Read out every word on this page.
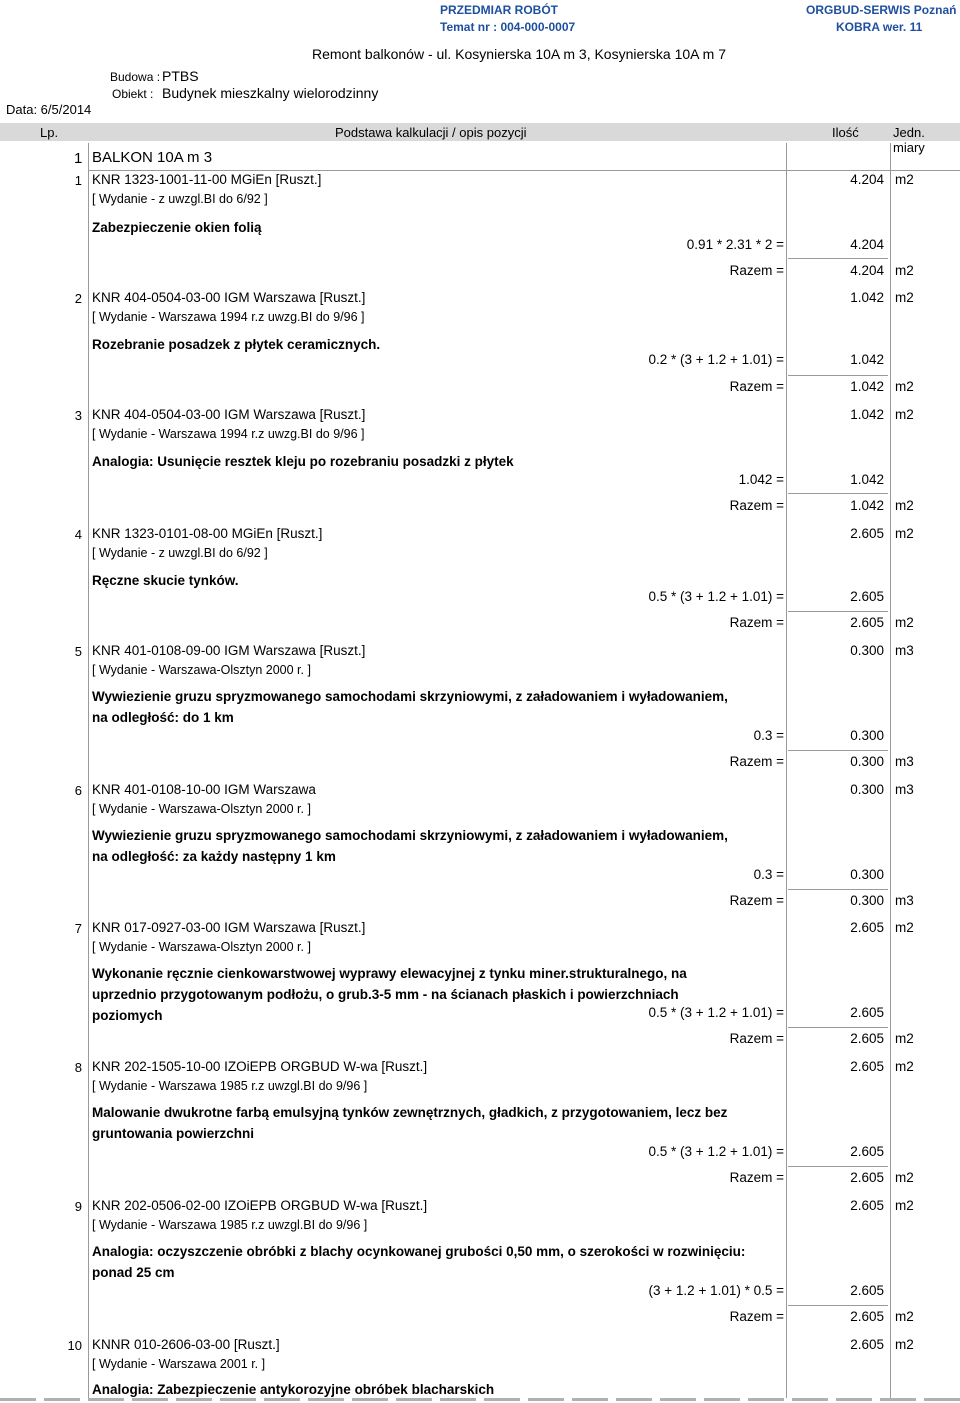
PRZEDMIAR ROBÓT
Temat nr : 004-000-0007
ORGBUD-SERWIS Poznań
KOBRA wer. 11
Remont balkonów - ul. Kosynierska 10A m 3, Kosynierska 10A m 7
Budowa : PTBS
Obiekt : Budynek mieszkalny wielorodzinny
Data: 6/5/2014
Lp.	Podstawa kalkulacji / opis pozycji	Ilość	Jedn. miary
1 BALKON 10A m 3
1 KNR 1323-1001-11-00 MGiEn [Ruszt.]
[ Wydanie - z uwzgl.BI do 6/92 ]
4.204 m2
Zabezpieczenie okien folią
0.91 * 2.31 * 2 =	4.204
Razem =	4.204 m2
2 KNR 404-0504-03-00 IGM Warszawa [Ruszt.]
[ Wydanie - Warszawa 1994 r.z uwzg.BI do 9/96 ]
1.042 m2
Rozebranie posadzek z płytek ceramicznych.
0.2 * (3 + 1.2 + 1.01) =	1.042
Razem =	1.042 m2
3 KNR 404-0504-03-00 IGM Warszawa [Ruszt.]
[ Wydanie - Warszawa 1994 r.z uwzg.BI do 9/96 ]
1.042 m2
Analogia: Usunięcie resztek kleju po rozebraniu posadzki z płytek
1.042 =	1.042
Razem =	1.042 m2
4 KNR 1323-0101-08-00 MGiEn [Ruszt.]
[ Wydanie - z uwzgl.BI do 6/92 ]
2.605 m2
Ręczne skucie tynków.
0.5 * (3 + 1.2 + 1.01) =	2.605
Razem =	2.605 m2
5 KNR 401-0108-09-00 IGM Warszawa [Ruszt.]
[ Wydanie - Warszawa-Olsztyn 2000 r. ]
0.300 m3
Wywiezienie gruzu spryzmowanego samochodami skrzyniowymi, z załadowaniem i wyładowaniem, na odległość: do 1 km
0.3 =	0.300
Razem =	0.300 m3
6 KNR 401-0108-10-00 IGM Warszawa
[ Wydanie - Warszawa-Olsztyn 2000 r. ]
0.300 m3
Wywiezienie gruzu spryzmowanego samochodami skrzyniowymi, z załadowaniem i wyładowaniem, na odległość: za każdy następny 1 km
0.3 =	0.300
Razem =	0.300 m3
7 KNR 017-0927-03-00 IGM Warszawa [Ruszt.]
[ Wydanie - Warszawa-Olsztyn 2000 r. ]
2.605 m2
Wykonanie ręcznie cienkowarstwowej wyprawy elewacyjnej z tynku miner.strukturalnego, na uprzednio przygotowanym podłożu, o grub.3-5 mm - na ścianach płaskich i powierzchniach poziomych	0.5 * (3 + 1.2 + 1.01) =	2.605
Razem =	2.605 m2
8 KNR 202-1505-10-00 IZOiEPB ORGBUD W-wa [Ruszt.]
[ Wydanie - Warszawa 1985 r.z uwzgl.BI do 9/96 ]
2.605 m2
Malowanie dwukrotne farbą emulsyjną tynków zewnętrznych, gładkich, z przygotowaniem, lecz bez gruntowania powierzchni
0.5 * (3 + 1.2 + 1.01) =	2.605
Razem =	2.605 m2
9 KNR 202-0506-02-00 IZOiEPB ORGBUD W-wa [Ruszt.]
[ Wydanie - Warszawa 1985 r.z uwzgl.BI do 9/96 ]
2.605 m2
Analogia: oczyszczenie obróbki z blachy ocynkowanej grubości 0,50 mm, o szerokości w rozwinięciu: ponad 25 cm
(3 + 1.2 + 1.01) * 0.5 =	2.605
Razem =	2.605 m2
10 KNNR 010-2606-03-00 [Ruszt.]
[ Wydanie - Warszawa 2001 r. ]
2.605 m2
Analogia: Zabezpieczenie antykorozyjne obróbek blacharskich
